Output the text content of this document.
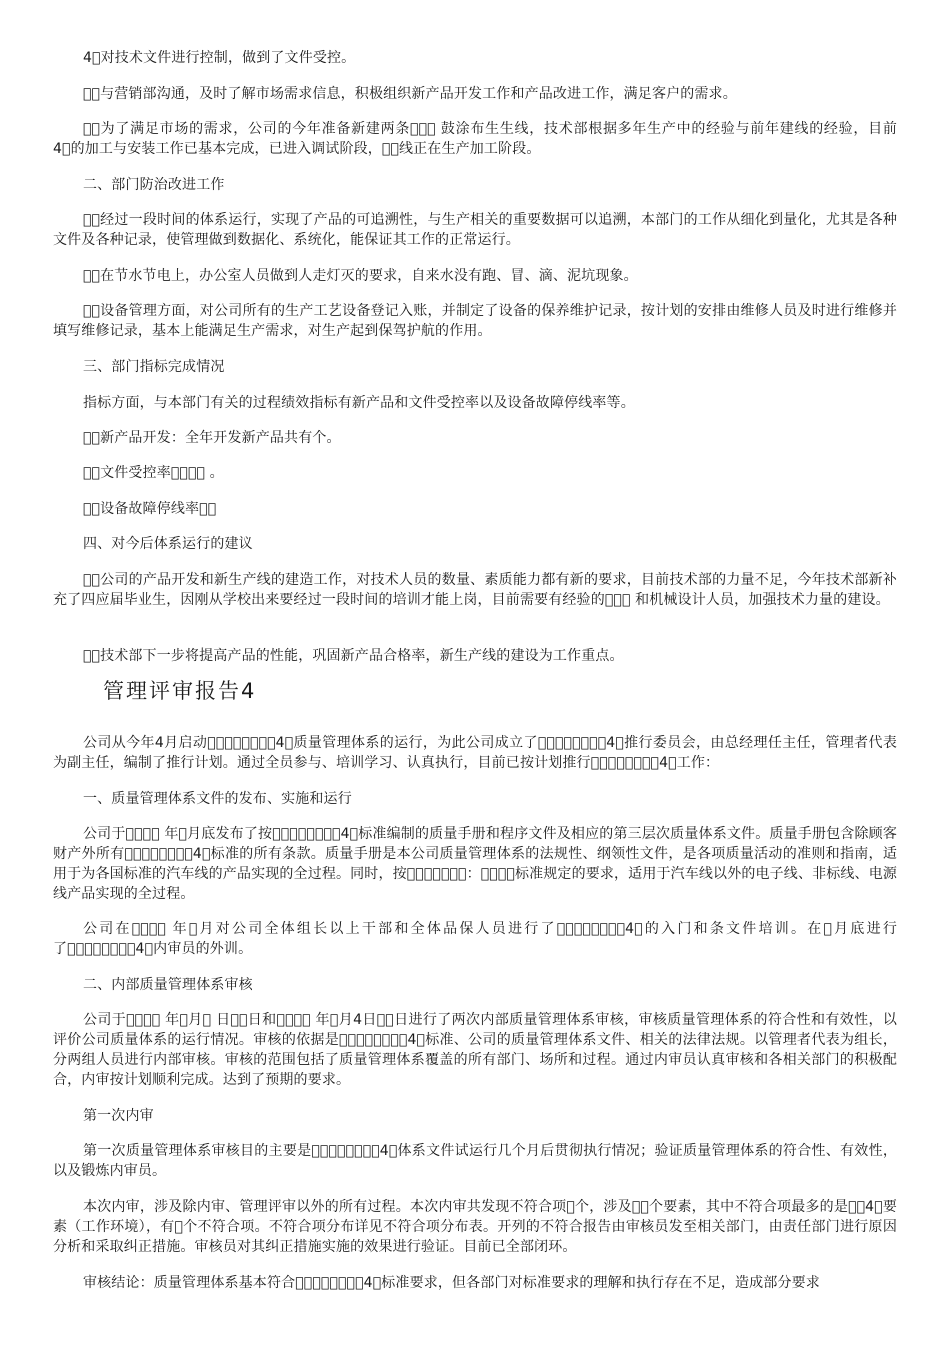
4 对技术文件进行控制，做到了文件受控。

  与营销部沟通，及时了解市场需求信息，积极组织新产品开发工作和产品改进工作，满足客户的需求。

  为了满足市场的需求，公司的今年准备新建两条    鼓涂布生生线，技术部根据多年生产中的经验与前年建线的经验，目前4 的加工与安装工作已基本完成，已进入调试阶段，  线正在生产加工阶段。

二、部门防治改进工作

  经过一段时间的体系运行，实现了产品的可追溯性，与生产相关的重要数据可以追溯，本部门的工作从细化到量化，尤其是各种文件及各种记录，使管理做到数据化、系统化，能保证其工作的正常运行。

  在节水节电上，办公室人员做到人走灯灭的要求，自来水没有跑、冒、滴、泥坑现象。

  设备管理方面，对公司所有的生产工艺设备登记入账，并制定了设备的保养维护记录，按计划的安排由维修人员及时进行维修并填写维修记录，基本上能满足生产需求，对生产起到保驾护航的作用。

三、部门指标完成情况

指标方面，与本部门有关的过程绩效指标有新产品和文件受控率以及设备故障停线率等。

  新产品开发：全年开发新产品共有个。

  文件受控率     。

  设备故障停线率  

四、对今后体系运行的建议

  公司的产品开发和新生产线的建造工作，对技术人员的数量、素质能力都有新的要求，目前技术部的力量不足，今年技术部新补充了四应届毕业生，因刚从学校出来要经过一段时间的培训才能上岗，目前需要有经验的    和机械设计人员，加强技术力量的建设。

  技术部下一步将提高产品的性能，巩固新产品合格率，新生产线的建设为工作重点。

管理评审报告4

公司从今年4月启动        4 质量管理体系的运行，为此公司成立了        4 推行委员会，由总经理任主任，管理者代表为副主任，编制了推行计划。通过全员参与、培训学习、认真执行，目前已按计划推行        4 工作：

一、质量管理体系文件的发布、实施和运行

公司于     年 月底发布了按        4 标准编制的质量手册和程序文件及相应的第三层次质量体系文件。质量手册包含除顾客财产外所有        4 标准的所有条款。质量手册是本公司质量管理体系的法规性、纲领性文件，是各项质量活动的准则和指南，适用于为各国标准的汽车线的产品实现的全过程。同时，按       ：    标准规定的要求，适用于汽车线以外的电子线、非标线、电源线产品实现的全过程。

公司在     年 月对公司全体组长以上干部和全体品保人员进行了        4 的入门和条文件培训。在 月底进行了        4 内审员的外训。

二、内部质量管理体系审核

公司于     年 月  日  日和     年 月4日  日进行了两次内部质量管理体系审核，审核质量管理体系的符合性和有效性，以评价公司质量体系的运行情况。审核的依据是        4 标准、公司的质量管理体系文件、相关的法律法规。以管理者代表为组长，分两组人员进行内部审核。审核的范围包括了质量管理体系覆盖的所有部门、场所和过程。通过内审员认真审核和各相关部门的积极配合，内审按计划顺利完成。达到了预期的要求。

第一次内审

第一次质量管理体系审核目的主要是        4 体系文件试运行几个月后贯彻执行情况；验证质量管理体系的符合性、有效性，以及锻炼内审员。

本次内审，涉及除内审、管理评审以外的所有过程。本次内审共发现不符合项 个，涉及  个要素，其中不符合项最多的是  4 要素（工作环境），有 个不符合项。不符合项分布详见不符合项分布表。开列的不符合报告由审核员发至相关部门，由责任部门进行原因分析和采取纠正措施。审核员对其纠正措施实施的效果进行验证。目前已全部闭环。

审核结论：质量管理体系基本符合        4 标准要求，但各部门对标准要求的理解和执行存在不足，造成部分要求
